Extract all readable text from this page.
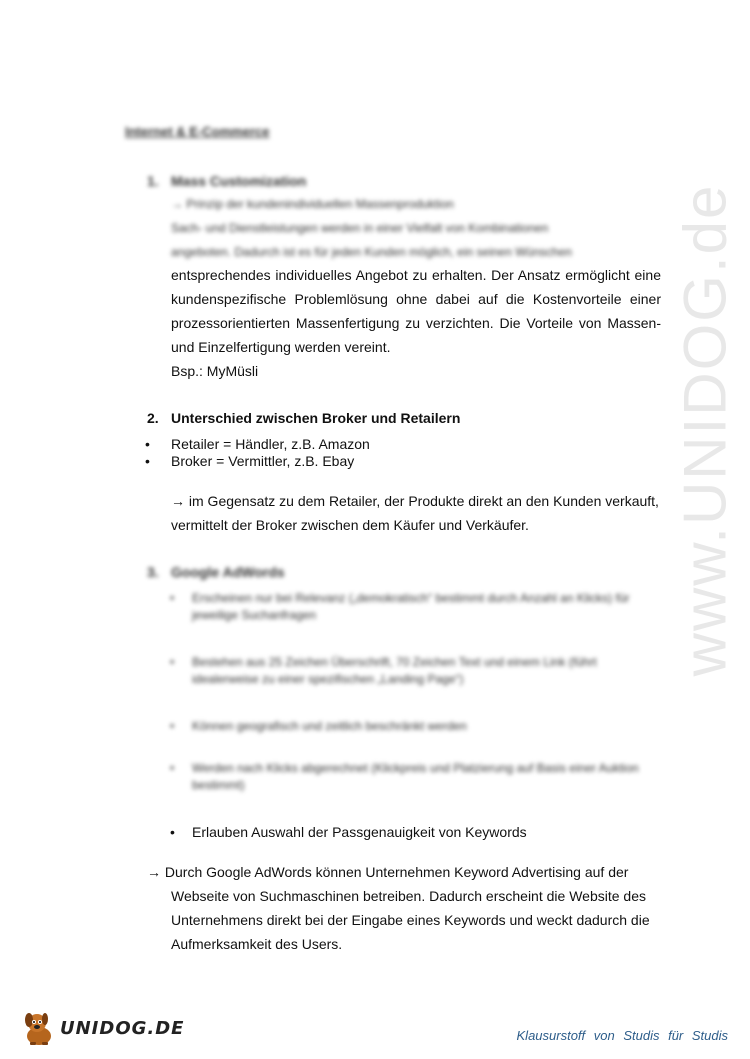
www.UNIDOG.de
Internet & E-Commerce
1. Mass Customization
→ Prinzip der kundenindividuellen Massenproduktion
Sach- und Dienstleistungen werden in einer Vielfalt von Kombinationen
angeboten. Dadurch ist es für jeden Kunden möglich, ein seinen Wünschen
entsprechendes individuelles Angebot zu erhalten. Der Ansatz ermöglicht eine kundenspezifische Problemlösung ohne dabei auf die Kostenvorteile einer prozessorientierten Massenfertigung zu verzichten. Die Vorteile von Massen- und Einzelfertigung werden vereint.
Bsp.: MyMüsli
2. Unterschied zwischen Broker und Retailern
• Retailer = Händler, z.B. Amazon
• Broker = Vermittler, z.B. Ebay
→ im Gegensatz zu dem Retailer, der Produkte direkt an den Kunden verkauft, vermittelt der Broker zwischen dem Käufer und Verkäufer.
3. Google AdWords
• Erscheinen nur bei Relevanz („demokratisch“ bestimmt durch Anzahl an Klicks) für jeweilige Suchanfragen
• Bestehen aus 25 Zeichen Überschrift, 70 Zeichen Text und einem Link (führt idealerweise zu einer spezifischen „Landing Page“)
• Können geografisch und zeitlich beschränkt werden
• Werden nach Klicks abgerechnet (Klickpreis und Platzierung auf Basis einer Auktion bestimmt)
• Erlauben Auswahl der Passgenauigkeit von Keywords
→ Durch Google AdWords können Unternehmen Keyword Advertising auf der
Webseite von Suchmaschinen betreiben. Dadurch erscheint die Website des Unternehmens direkt bei der Eingabe eines Keywords und weckt dadurch die Aufmerksamkeit des Users.
UNIDOG.DE	Klausurstoff von Studis für Studis
